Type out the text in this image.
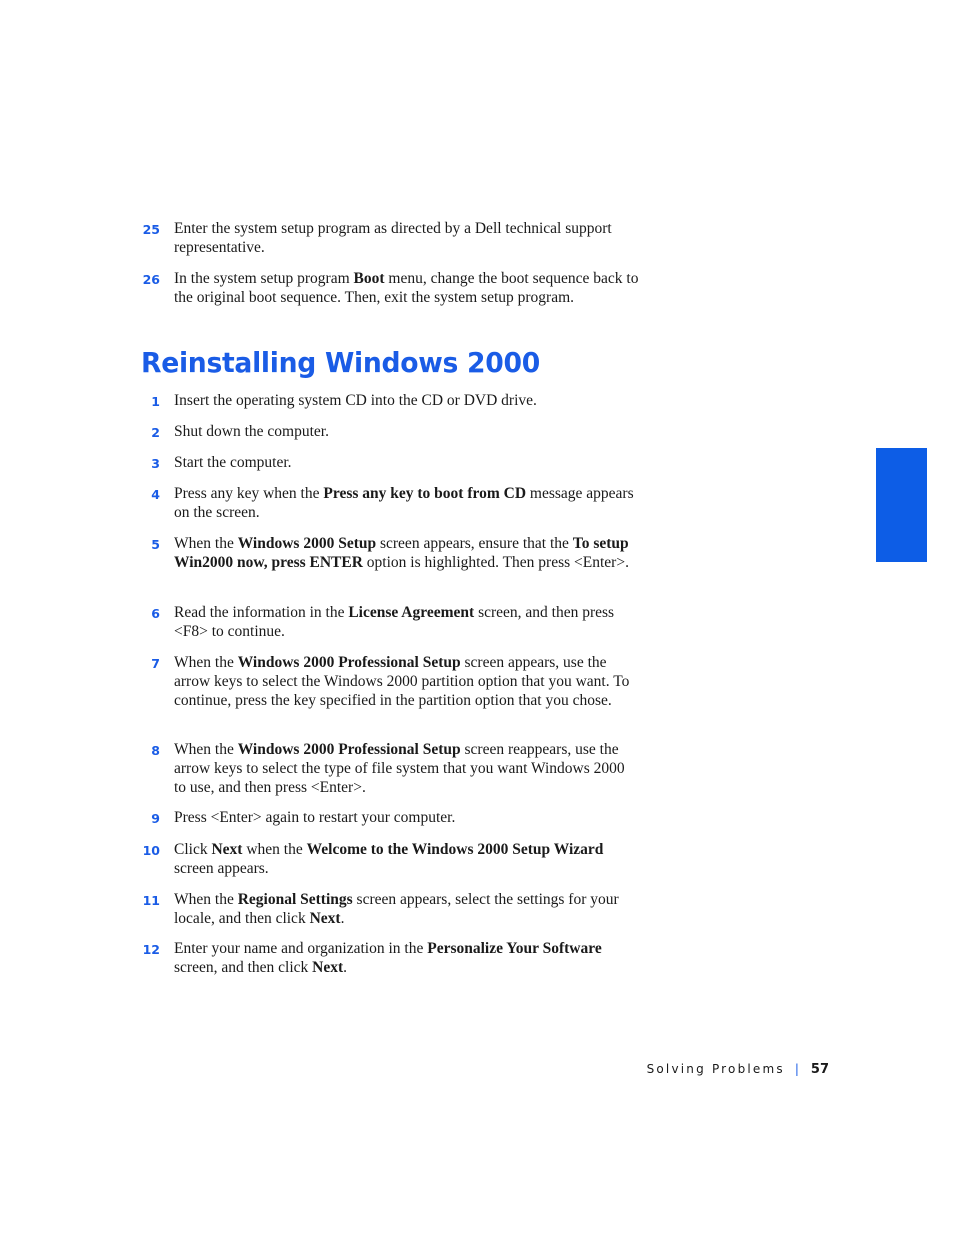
25 Enter the system setup program as directed by a Dell technical support representative.
26 In the system setup program Boot menu, change the boot sequence back to the original boot sequence. Then, exit the system setup program.
Reinstalling Windows 2000
1 Insert the operating system CD into the CD or DVD drive.
2 Shut down the computer.
3 Start the computer.
4 Press any key when the Press any key to boot from CD message appears on the screen.
5 When the Windows 2000 Setup screen appears, ensure that the To setup Win2000 now, press ENTER option is highlighted. Then press <Enter>.
6 Read the information in the License Agreement screen, and then press <F8> to continue.
7 When the Windows 2000 Professional Setup screen appears, use the arrow keys to select the Windows 2000 partition option that you want. To continue, press the key specified in the partition option that you chose.
8 When the Windows 2000 Professional Setup screen reappears, use the arrow keys to select the type of file system that you want Windows 2000 to use, and then press <Enter>.
9 Press <Enter> again to restart your computer.
10 Click Next when the Welcome to the Windows 2000 Setup Wizard screen appears.
11 When the Regional Settings screen appears, select the settings for your locale, and then click Next.
12 Enter your name and organization in the Personalize Your Software screen, and then click Next.
Solving Problems | 57
